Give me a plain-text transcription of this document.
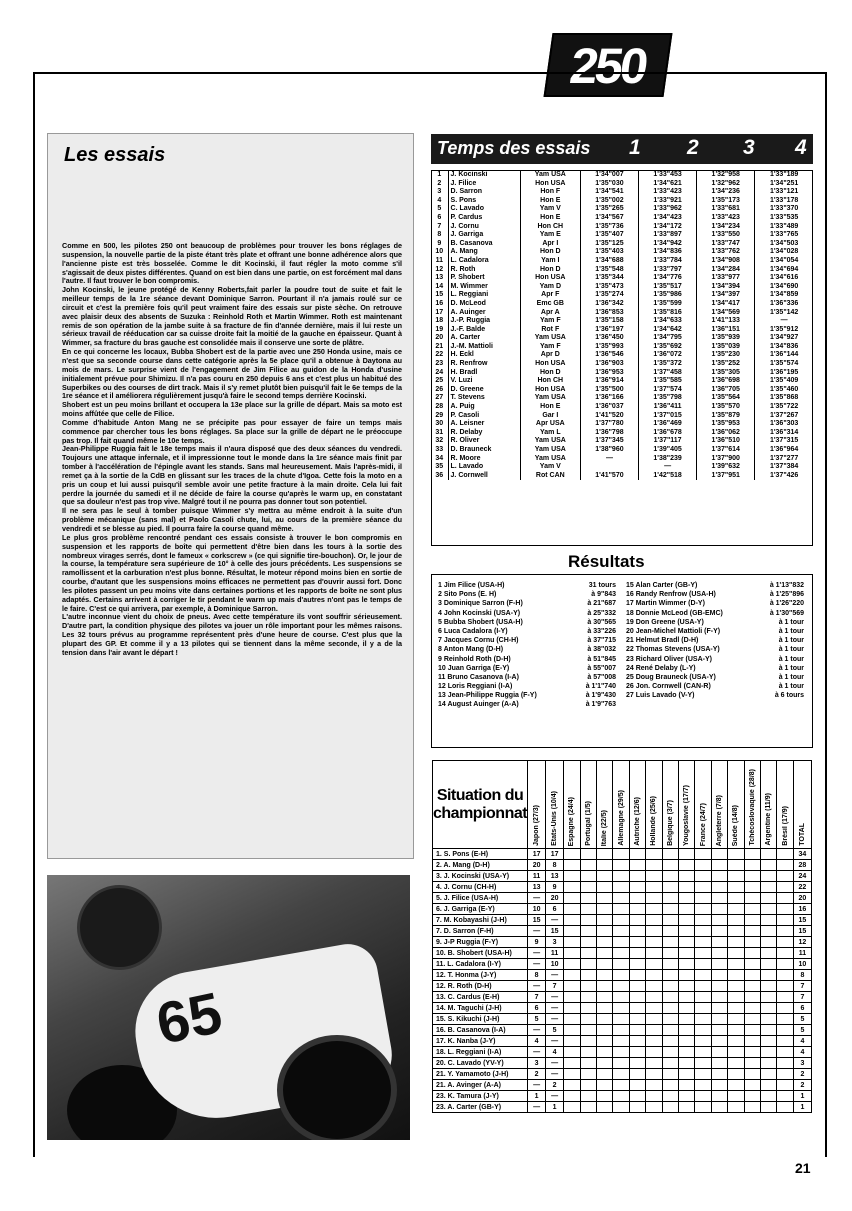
250
Les essais
Comme en 500, les pilotes 250 ont beaucoup de problèmes pour trouver les bons réglages de suspension, la nouvelle partie de la piste étant très plate et offrant une bonne adhérence alors que l'ancienne piste est très bosselée. Comme le dit Kocinski, il faut régler la moto comme s'il s'agissait de deux pistes différentes. Quand on est bien dans une partie, on est forcément mal dans l'autre. Il faut trouver le bon compromis.
John Kocinski, le jeune protégé de Kenny Roberts,fait parler la poudre tout de suite et fait le meilleur temps de la 1re séance devant Dominique Sarron. Pourtant il n'a jamais roulé sur ce circuit et c'est la première fois qu'il peut vraiment faire des essais sur piste sèche. On retrouve avec plaisir deux des absents de Suzuka : Reinhold Roth et Martin Wimmer. Roth est maintenant remis de son opération de la jambe suite à sa fracture de fin d'année dernière, mais il lui reste un sérieux travail de rééducation car sa cuisse droite fait la moitié de la gauche en épaisseur. Quant à Wimmer, sa fracture du bras gauche est consolidée mais il conserve une sorte de plâtre.
En ce qui concerne les locaux, Bubba Shobert est de la partie avec une 250 Honda usine, mais ce n'est que sa seconde course dans cette catégorie après la 5e place qu'il a obtenue à Daytona au mois de mars. Le surprise vient de l'engagement de Jim Filice au guidon de la Honda d'usine initialement prévue pour Shimizu. Il n'a pas couru en 250 depuis 6 ans et c'est plus un habitué des Superbikes ou des courses de dirt track. Mais il s'y remet plutôt bien puisqu'il fait le 6e temps de la 1re séance et il améliorera régulièrement jusqu'à faire le second temps derrière Kocinski.
Shobert est un peu moins brillant et occupera la 13e place sur la grille de départ. Mais sa moto est moins affûtée que celle de Filice.
Comme d'habitude Anton Mang ne se précipite pas pour essayer de faire un temps mais commence par chercher tous les bons réglages. Sa place sur la grille de départ ne le préoccupe pas trop. Il fait quand même le 10e temps.
Jean-Philippe Ruggia fait le 18e temps mais il n'aura disposé que des deux séances du vendredi. Toujours une attaque infernale, et il impressionne tout le monde dans la 1re séance mais finit par tomber à l'accélération de l'épingle avant les stands. Sans mal heureusement. Mais l'après-midi, il remet ça à la sortie de la CdB en glissant sur les traces de la chute d'Igoa. Cette fois la moto en a pris un coup et lui aussi puisqu'il semble avoir une petite fracture à la main droite. Cela lui fait perdre la journée du samedi et il ne décide de faire la course qu'après le warm up, en constatant que sa douleur n'est pas trop vive. Malgré tout il ne pourra pas donner tout son potentiel.
Il ne sera pas le seul à tomber puisque Wimmer s'y mettra au même endroit à la suite d'un problème mécanique (sans mal) et Paolo Casoli chute, lui, au cours de la première séance du vendredi et se blesse au pied. Il pourra faire la course quand même.
Le plus gros problème rencontré pendant ces essais consiste à trouver le bon compromis en suspension et les rapports de boîte qui permettent d'être bien dans les tours à la sortie des nombreux virages serrés, dont le fameux « corkscrew » (ce qui signifie tire-bouchon). Or, le jour de la course, la température sera supérieure de 10° à celle des jours précédents. Les suspensions se ramollissent et la carburation n'est plus bonne. Résultat, le moteur répond moins bien en sortie de courbe, d'autant que les suspensions moins efficaces ne permettent pas d'ouvrir aussi fort. Donc les pilotes passent un peu moins vite dans certaines portions et les rapports de boîte ne sont plus adaptés. Certains arrivent à corriger le tir pendant le warm up mais d'autres n'ont pas le temps de le faire. C'est ce qui arrivera, par exemple, à Dominique Sarron.
L'autre inconnue vient du choix de pneus. Avec cette température ils vont souffrir sérieusement. D'autre part, la condition physique des pilotes va jouer un rôle important pour les mêmes raisons. Les 32 tours prévus au programme représentent près d'une heure de course. C'est plus que la plupart des GP. Et comme il y a 13 pilotes qui se tiennent dans la même seconde, il y a de la tension dans l'air avant le départ !
65
Temps des essais 1 2 3 4
1	J. Kocinski	Yam USA	1'34"007	1'33"453	1'32"958	1'33"189
2	J. Filice	Hon USA	1'35"030	1'34"621	1'32"962	1'34"251
3	D. Sarron	Hon F	1'34"541	1'33"423	1'34"236	1'33"121
4	S. Pons	Hon E	1'35"002	1'33"921	1'35"173	1'33"178
5	C. Lavado	Yam V	1'35"265	1'33"962	1'33"681	1'33"370
6	P. Cardus	Hon E	1'34"567	1'34"423	1'33"423	1'33"535
7	J. Cornu	Hon CH	1'35"736	1'34"172	1'34"234	1'33"489
8	J. Garriga	Yam E	1'35"407	1'33"897	1'33"550	1'33"765
9	B. Casanova	Apr I	1'35"125	1'34"942	1'33"747	1'34"503
10	A. Mang	Hon D	1'35"403	1'34"836	1'33"762	1'34"028
11	L. Cadalora	Yam I	1'34"688	1'33"784	1'34"908	1'34"054
12	R. Roth	Hon D	1'35"548	1'33"797	1'34"284	1'34"694
13	P. Shobert	Hon USA	1'35"344	1'34"776	1'33"977	1'34"616
14	M. Wimmer	Yam D	1'35"473	1'35"517	1'34"394	1'34"690
15	L. Reggiani	Apr F	1'35"274	1'35"986	1'34"397	1'34"859
16	D. McLeod	Emc GB	1'36"342	1'35"599	1'34"417	1'36"336
17	A. Auinger	Apr A	1'36"853	1'35"816	1'34"569	1'35"142
18	J.-P. Ruggia	Yam F	1'35"158	1'34"633	1'41"133	—
19	J.-F. Balde	Rot F	1'36"197	1'34"642	1'36"151	1'35"912
20	A. Carter	Yam USA	1'36"450	1'34"795	1'35"939	1'34"927
21	J.-M. Mattioli	Yam F	1'35"993	1'35"692	1'35"039	1'34"836
22	H. Eckl	Apr D	1'36"546	1'36"072	1'35"230	1'36"144
23	R. Renfrow	Hon USA	1'36"903	1'35"372	1'35"252	1'35"574
24	H. Bradl	Hon D	1'36"953	1'37"458	1'35"305	1'36"195
25	V. Luzi	Hon CH	1'36"914	1'35"585	1'36"698	1'35"409
26	D. Greene	Hon USA	1'35"500	1'37"574	1'36"705	1'35"460
27	T. Stevens	Yam USA	1'36"166	1'35"798	1'35"564	1'35"868
28	A. Puig	Hon E	1'36"037	1'36"411	1'35"570	1'35"722
29	P. Casoli	Gar I	1'41"520	1'37"015	1'35"879	1'37"267
30	A. Leisner	Apr USA	1'37"780	1'36"469	1'35"953	1'36"303
31	R. Delaby	Yam L	1'36"798	1'36"678	1'36"062	1'36"314
32	R. Oliver	Yam USA	1'37"345	1'37"117	1'36"510	1'37"315
33	D. Brauneck	Yam USA	1'38"960	1'39"405	1'37"614	1'36"964
34	R. Moore	Yam USA	—	1'38"239	1'37"900	1'37"277
35	L. Lavado	Yam V		—	1'39"632	1'37"384
36	J. Cornwell	Rot CAN	1'41"570	1'42"518	1'37"951	1'37"426
Résultats
1 Jim Filice (USA-H)	31 tours
2 Sito Pons (E. H)	à 9"843
3 Dominique Sarron (F-H)	à 21"687
4 John Kocinski (USA-Y)	à 25"332
5 Bubba Shobert (USA-H)	à 30"565
6 Luca Cadalora (I-Y)	à 33"226
7 Jacques Cornu (CH-H)	à 37"715
8 Anton Mang (D-H)	à 38"032
9 Reinhold Roth (D-H)	à 51"845
10 Juan Garriga (E-Y)	à 55"007
11 Bruno Casanova (I-A)	à 57"008
12 Loris Reggiani (I-A)	à 1'1"740
13 Jean-Philippe Ruggia (F-Y)	à 1'9"430
14 August Auinger (A-A)	à 1'9"763
15 Alan Carter (GB-Y)	à 1'13"832
16 Randy Renfrow (USA-H)	à 1'25"896
17 Martin Wimmer (D-Y)	à 1'26"220
18 Donnie McLeod (GB-EMC)	à 1'30"569
19 Don Greene (USA-Y)	à 1 tour
20 Jean-Michel Mattioli (F-Y)	à 1 tour
21 Helmut Bradl (D-H)	à 1 tour
22 Thomas Stevens (USA-Y)	à 1 tour
23 Richard Oliver (USA-Y)	à 1 tour
24 René Delaby (L-Y)	à 1 tour
25 Doug Brauneck (USA-Y)	à 1 tour
26 Jon. Cornwell (CAN-R)	à 1 tour
27 Luis Lavado (V-Y)	à 6 tours
Situation du championnat	Japon (27/3)	Etats-Unis (10/4)	Espagne (24/4)	Portugal (1/5)	Italie (22/5)	Allemagne (29/5)	Autriche (12/6)	Hollande (25/6)	Belgique (3/7)	Yougoslavie (17/7)	France (24/7)	Angleterre (7/8)	Suède (14/8)	Tchécoslovaquie (28/8)	Argentine (11/9)	Brésil (17/9)	TOTAL
1. S. Pons (E-H)	17	17															34
2. A. Mang (D-H)	20	8															28
3. J. Kocinski (USA-Y)	11	13															24
4. J. Cornu (CH-H)	13	9															22
5. J. Filice (USA-H)	—	20															20
6. J. Garriga (E-Y)	10	6															16
7. M. Kobayashi (J-H)	15	—															15
7. D. Sarron (F-H)	—	15															15
9. J-P Ruggia (F-Y)	9	3															12
10. B. Shobert (USA-H)	—	11															11
11. L. Cadalora (I-Y)	—	10															10
12. T. Honma (J-Y)	8	—															8
12. R. Roth (D-H)	—	7															7
13. C. Cardus (E-H)	7	—															7
14. M. Taguchi (J-H)	6	—															6
15. S. Kikuchi (J-H)	5	—															5
16. B. Casanova (I-A)	—	5															5
17. K. Nanba (J-Y)	4	—															4
18. L. Reggiani (I-A)	—	4															4
20. C. Lavado (YV-Y)	3	—															3
21. Y. Yamamoto (J-H)	2	—															2
21. A. Avinger (A-A)	—	2															2
23. K. Tamura (J-Y)	1	—															1
23. A. Carter (GB-Y)	—	1															1
21
